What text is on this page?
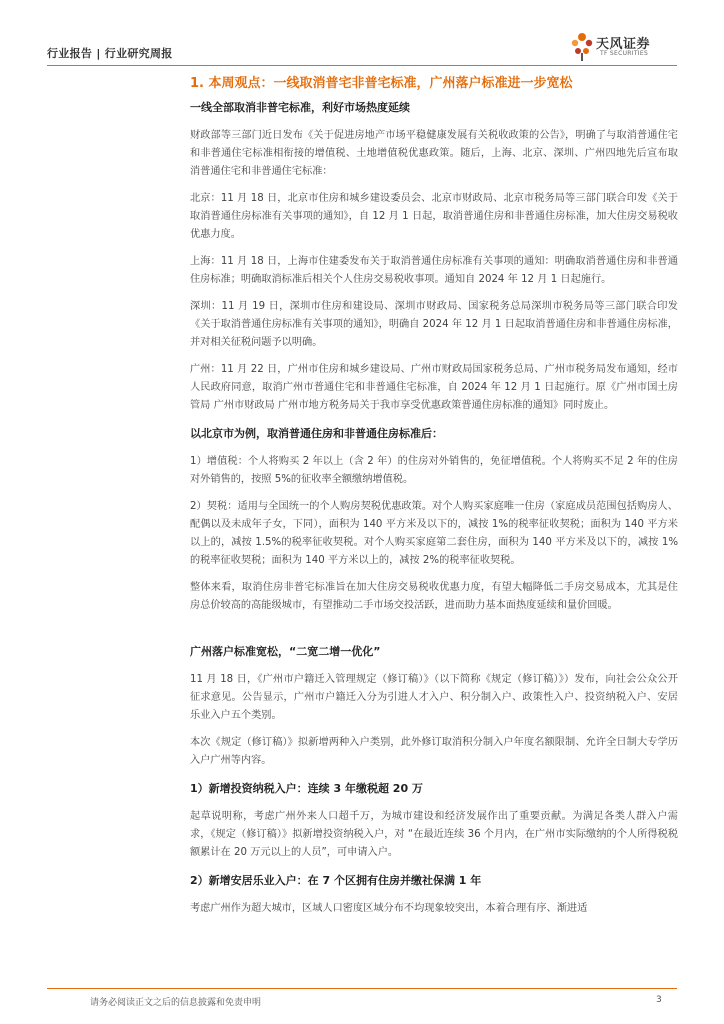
行业报告 | 行业研究周报
天风证券
TF SECURITIES
1. 本周观点：一线取消普宅非普宅标准，广州落户标准进一步宽松
一线全部取消非普宅标准，利好市场热度延续
财政部等三部门近日发布《关于促进房地产市场平稳健康发展有关税收政策的公告》，明确了与取消普通住宅和非普通住宅标准相衔接的增值税、土地增值税优惠政策。随后，上海、北京、深圳、广州四地先后宣布取消普通住宅和非普通住宅标准：
北京：11 月 18 日，北京市住房和城乡建设委员会、北京市财政局、北京市税务局等三部门联合印发《关于取消普通住房标准有关事项的通知》，自 12 月 1 日起，取消普通住房和非普通住房标准，加大住房交易税收优惠力度。
上海：11 月 18 日，上海市住建委发布关于取消普通住房标准有关事项的通知：明确取消普通住房和非普通住房标准；明确取消标准后相关个人住房交易税收事项。通知自 2024 年 12 月 1 日起施行。
深圳：11 月 19 日，深圳市住房和建设局、深圳市财政局、国家税务总局深圳市税务局等三部门联合印发《关于取消普通住房标准有关事项的通知》，明确自 2024 年 12 月 1 日起取消普通住房和非普通住房标准，并对相关征税问题予以明确。
广州：11 月 22 日，广州市住房和城乡建设局、广州市财政局国家税务总局、广州市税务局发布通知，经市人民政府同意，取消广州市普通住宅和非普通住宅标准，自 2024 年 12 月 1 日起施行。原《广州市国土房管局 广州市财政局 广州市地方税务局关于我市享受优惠政策普通住房标准的通知》同时废止。
以北京市为例，取消普通住房和非普通住房标准后：
1）增值税：个人将购买 2 年以上（含 2 年）的住房对外销售的，免征增值税。个人将购买不足 2 年的住房对外销售的，按照 5%的征收率全额缴纳增值税。
2）契税：适用与全国统一的个人购房契税优惠政策。对个人购买家庭唯一住房（家庭成员范围包括购房人、配偶以及未成年子女，下同），面积为 140 平方米及以下的，减按 1%的税率征收契税；面积为 140 平方米以上的，减按 1.5%的税率征收契税。对个人购买家庭第二套住房，面积为 140 平方米及以下的，减按 1%的税率征收契税；面积为 140 平方米以上的，减按 2%的税率征收契税。
整体来看，取消住房非普宅标准旨在加大住房交易税收优惠力度，有望大幅降低二手房交易成本，尤其是住房总价较高的高能级城市，有望推动二手市场交投活跃，进而助力基本面热度延续和量价回暖。
广州落户标准宽松，“二宽二增一优化”
11 月 18 日，《广州市户籍迁入管理规定（修订稿）》（以下简称《规定（修订稿）》）发布，向社会公众公开征求意见。公告显示，广州市户籍迁入分为引进人才入户、积分制入户、政策性入户、投资纳税入户、安居乐业入户五个类别。
本次《规定（修订稿）》拟新增两种入户类别，此外修订取消积分制入户年度名额限制、允许全日制大专学历入户广州等内容。
1）新增投资纳税入户：连续 3 年缴税超 20 万
起草说明称，考虑广州外来人口超千万，为城市建设和经济发展作出了重要贡献。为满足各类人群入户需求，《规定（修订稿）》拟新增投资纳税入户，对 “在最近连续 36 个月内，在广州市实际缴纳的个人所得税税额累计在 20 万元以上的人员”，可申请入户。
2）新增安居乐业入户：在 7 个区拥有住房并缴社保满 1 年
考虑广州作为超大城市，区域人口密度区域分布不均现象较突出，本着合理有序、渐进适
请务必阅读正文之后的信息披露和免责申明	3
